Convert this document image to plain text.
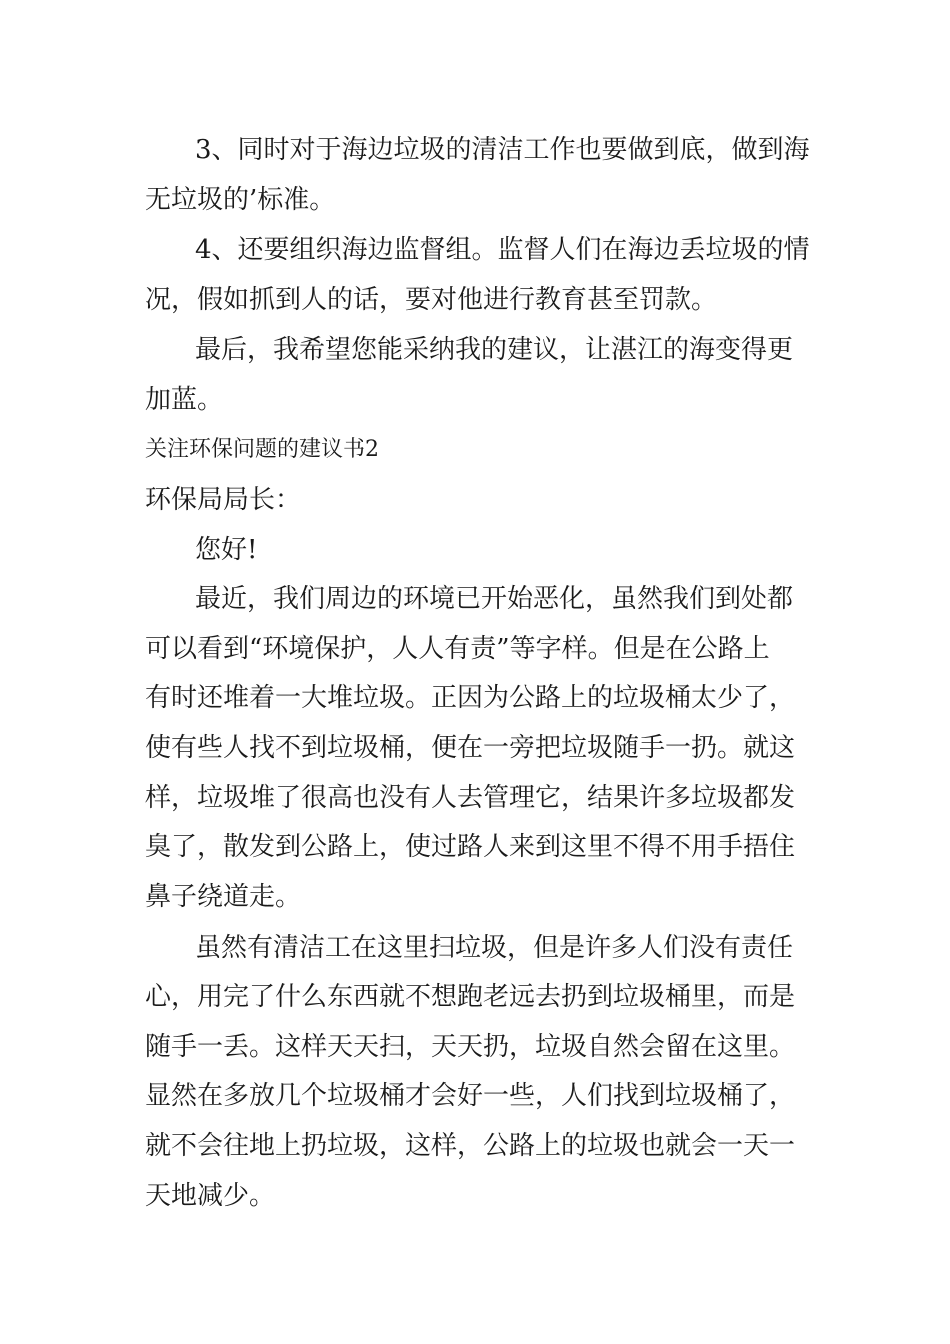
3、同时对于海边垃圾的清洁工作也要做到底，做到海
无垃圾的’标准。
4、还要组织海边监督组。监督人们在海边丢垃圾的情
况，假如抓到人的话，要对他进行教育甚至罚款。
最后，我希望您能采纳我的建议，让湛江的海变得更
加蓝。
关注环保问题的建议书2
环保局局长：
您好!
最近，我们周边的环境已开始恶化，虽然我们到处都
可以看到“环境保护，人人有责”等字样。但是在公路上
有时还堆着一大堆垃圾。正因为公路上的垃圾桶太少了，
使有些人找不到垃圾桶，便在一旁把垃圾随手一扔。就这
样，垃圾堆了很高也没有人去管理它，结果许多垃圾都发
臭了，散发到公路上，使过路人来到这里不得不用手捂住
鼻子绕道走。
虽然有清洁工在这里扫垃圾，但是许多人们没有责任
心，用完了什么东西就不想跑老远去扔到垃圾桶里，而是
随手一丢。这样天天扫，天天扔，垃圾自然会留在这里。
显然在多放几个垃圾桶才会好一些，人们找到垃圾桶了，
就不会往地上扔垃圾，这样，公路上的垃圾也就会一天一
天地减少。
